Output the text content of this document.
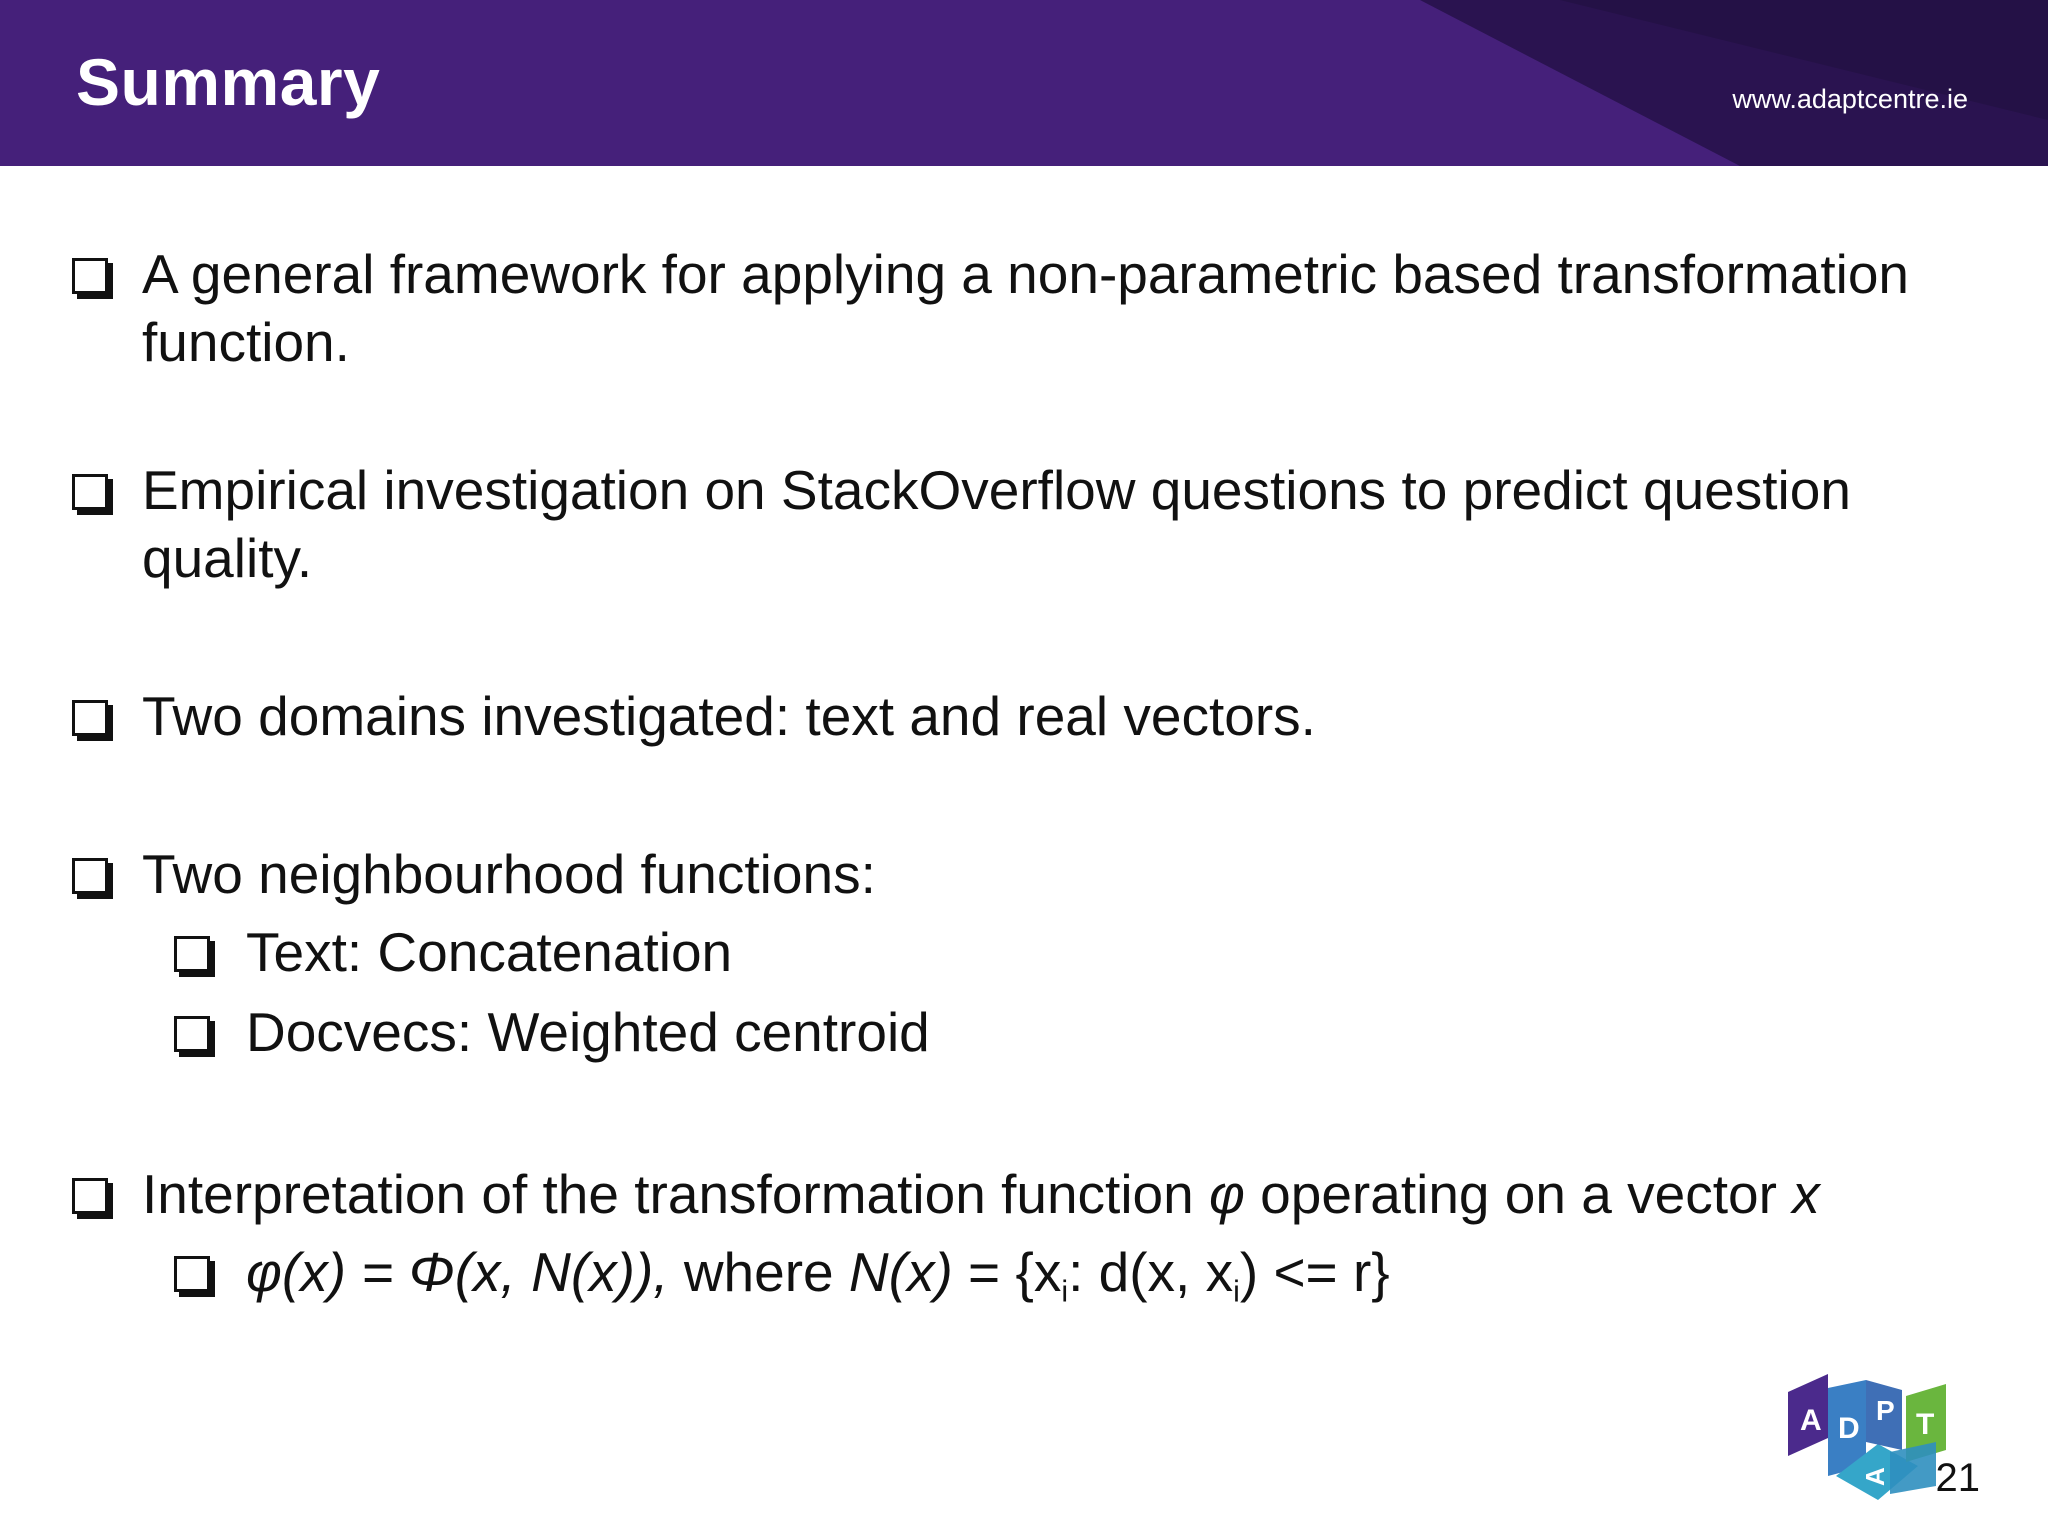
Summary	www.adaptcentre.ie
A general framework for applying a non-parametric based transformation function.
Empirical investigation on StackOverflow questions to predict question quality.
Two domains investigated: text and real vectors.
Two neighbourhood functions:
Text: Concatenation
Docvecs: Weighted centroid
Interpretation of the transformation function φ operating on a vector x
φ(x) = Φ(x, N(x)), where $N(x) = \{x_i$: d(x, $x_i) <= r$}
A D
A
P T
21
